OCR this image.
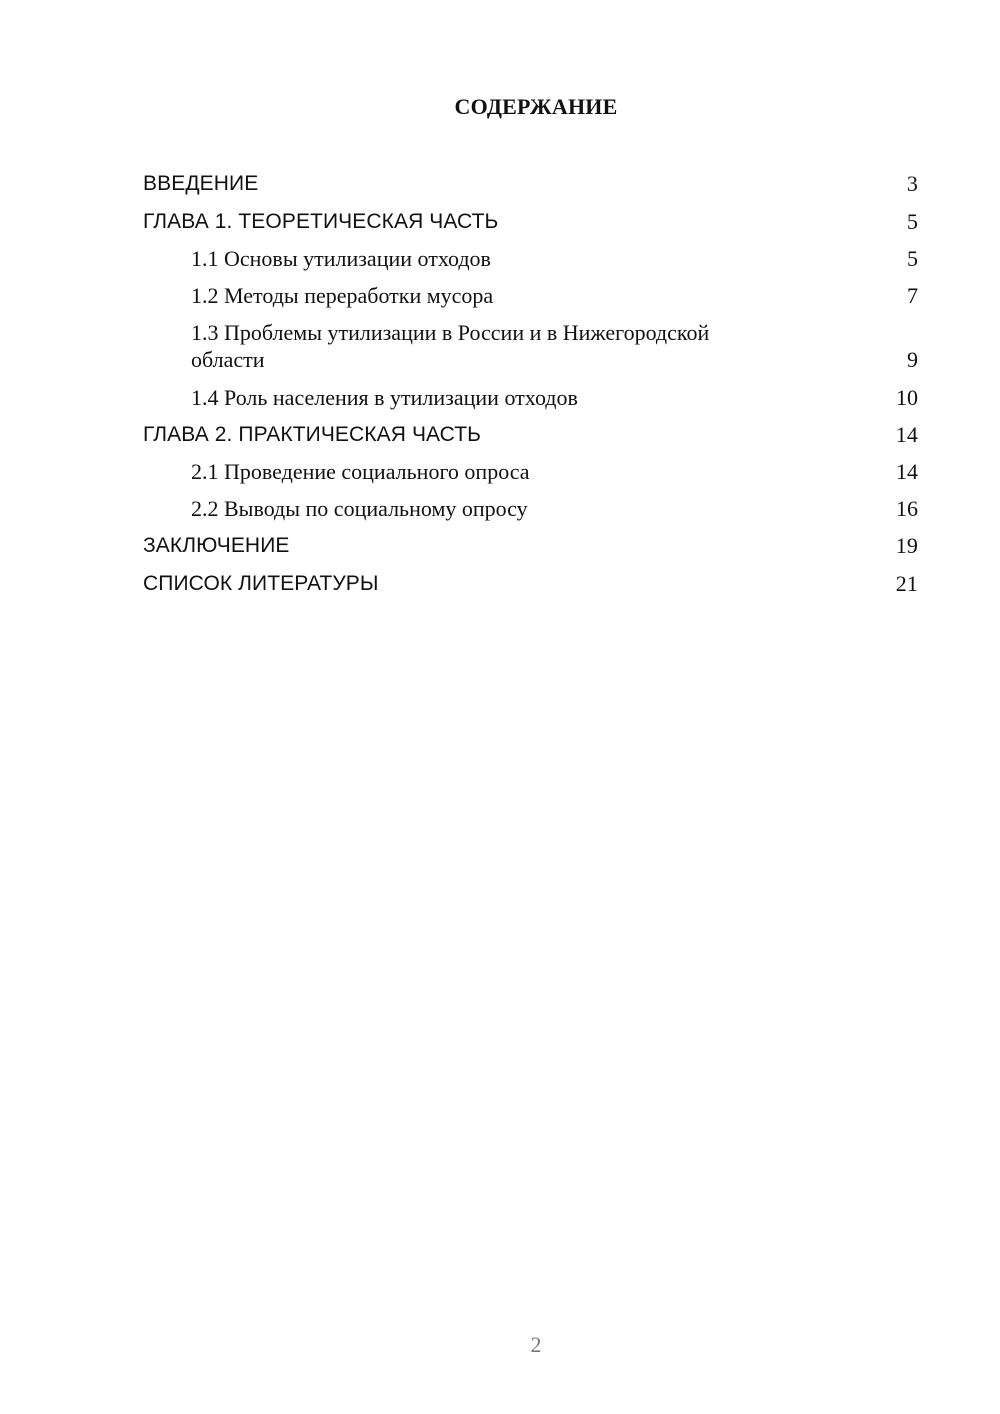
СОДЕРЖАНИЕ
ВВЕДЕНИЕ	3
ГЛАВА 1. ТЕОРЕТИЧЕСКАЯ ЧАСТЬ	5
1.1 Основы утилизации отходов	5
1.2 Методы переработки мусора	7
1.3 Проблемы утилизации в России и в Нижегородской
области	9
1.4 Роль населения в утилизации отходов	10
ГЛАВА 2. ПРАКТИЧЕСКАЯ ЧАСТЬ	14
2.1 Проведение социального опроса	14
2.2 Выводы по социальному опросу	16
ЗАКЛЮЧЕНИЕ	19
СПИСОК ЛИТЕРАТУРЫ	21
2
